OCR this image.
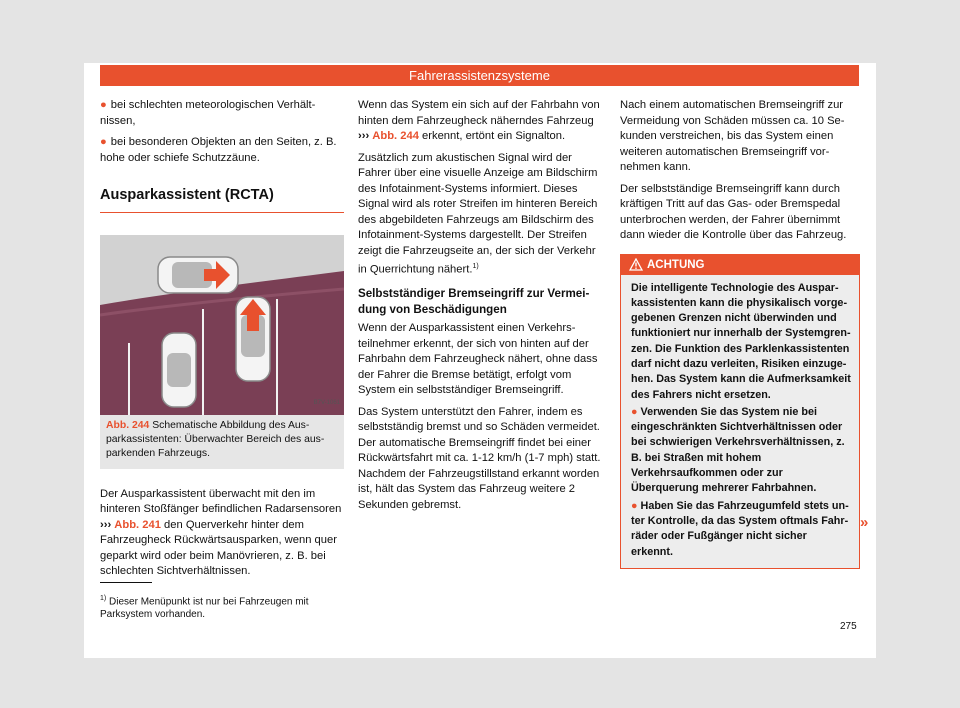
Fahrerassistenzsysteme

● bei schlechten meteorologischen Verhältnissen,

● bei besonderen Objekten an den Seiten, z. B. hohe oder schiefe Schutzzäune.

Ausparkassistent (RCTA)
B7V-1061
Abb. 244 Schematische Abbildung des Ausparkassistenten: Überwachter Bereich des ausparkenden Fahrzeugs.

Der Ausparkassistent überwacht mit den im hinteren Stoßfänger befindlichen Radarsensoren ››› Abb. 241 den Querverkehr hinter dem Fahrzeugheck Rückwärtsausparken, wenn quer geparkt wird oder beim Manövrieren, z. B. bei schlechten Sichtverhältnissen.

Wenn das System ein sich auf der Fahrbahn von hinten dem Fahrzeugheck näherndes Fahrzeug ››› Abb. 244 erkennt, ertönt ein Signalton.

Zusätzlich zum akustischen Signal wird der Fahrer über eine visuelle Anzeige am Bildschirm des Infotainment-Systems informiert. Dieses Signal wird als roter Streifen im hinteren Bereich des abgebildeten Fahrzeugs am Bildschirm des Infotainment-Systems dargestellt. Der Streifen zeigt die Fahrzeugseite an, der sich der Verkehr in Querrichtung nähert.$^{1)}$

Selbstständiger Bremseingriff zur Vermeidung von Beschädigungen

Wenn der Ausparkassistent einen Verkehrsteilnehmer erkennt, der sich von hinten auf der Fahrbahn dem Fahrzeugheck nähert, ohne dass der Fahrer die Bremse betätigt, erfolgt vom System ein selbstständiger Bremseingriff.

Das System unterstützt den Fahrer, indem es selbstständig bremst und so Schäden vermeidet. Der automatische Bremseingriff findet bei einer Rückwärtsfahrt mit ca. 1-12 km/h (1-7 mph) statt. Nachdem der Fahrzeugstillstand erkannt worden ist, hält das System das Fahrzeug weitere 2 Sekunden gebremst.

Nach einem automatischen Bremseingriff zur Vermeidung von Schäden müssen ca. 10 Sekunden verstreichen, bis das System einen weiteren automatischen Bremseingriff vornehmen kann.

Der selbstständige Bremseingriff kann durch kräftigen Tritt auf das Gas- oder Bremspedal unterbrochen werden, der Fahrer übernimmt dann wieder die Kontrolle über das Fahrzeug.

ACHTUNG

Die intelligente Technologie des Ausparkassistenten kann die physikalisch vorgegebenen Grenzen nicht überwinden und funktioniert nur innerhalb der Systemgrenzen. Die Funktion des Parklenkassistenten darf nicht dazu verleiten, Risiken einzugehen. Das System kann die Aufmerksamkeit des Fahrers nicht ersetzen.

● Verwenden Sie das System nie bei eingeschränkten Sichtverhältnissen oder bei schwierigen Verkehrsverhältnissen, z. B. bei Straßen mit hohem Verkehrsaufkommen oder zur Überquerung mehrerer Fahrbahnen.

● Haben Sie das Fahrzeugumfeld stets unter Kontrolle, da das System oftmals Fahrräder oder Fußgänger nicht sicher erkennt.

»
$^{1)}$ Dieser Menüpunkt ist nur bei Fahrzeugen mit Parksystem vorhanden.
275
